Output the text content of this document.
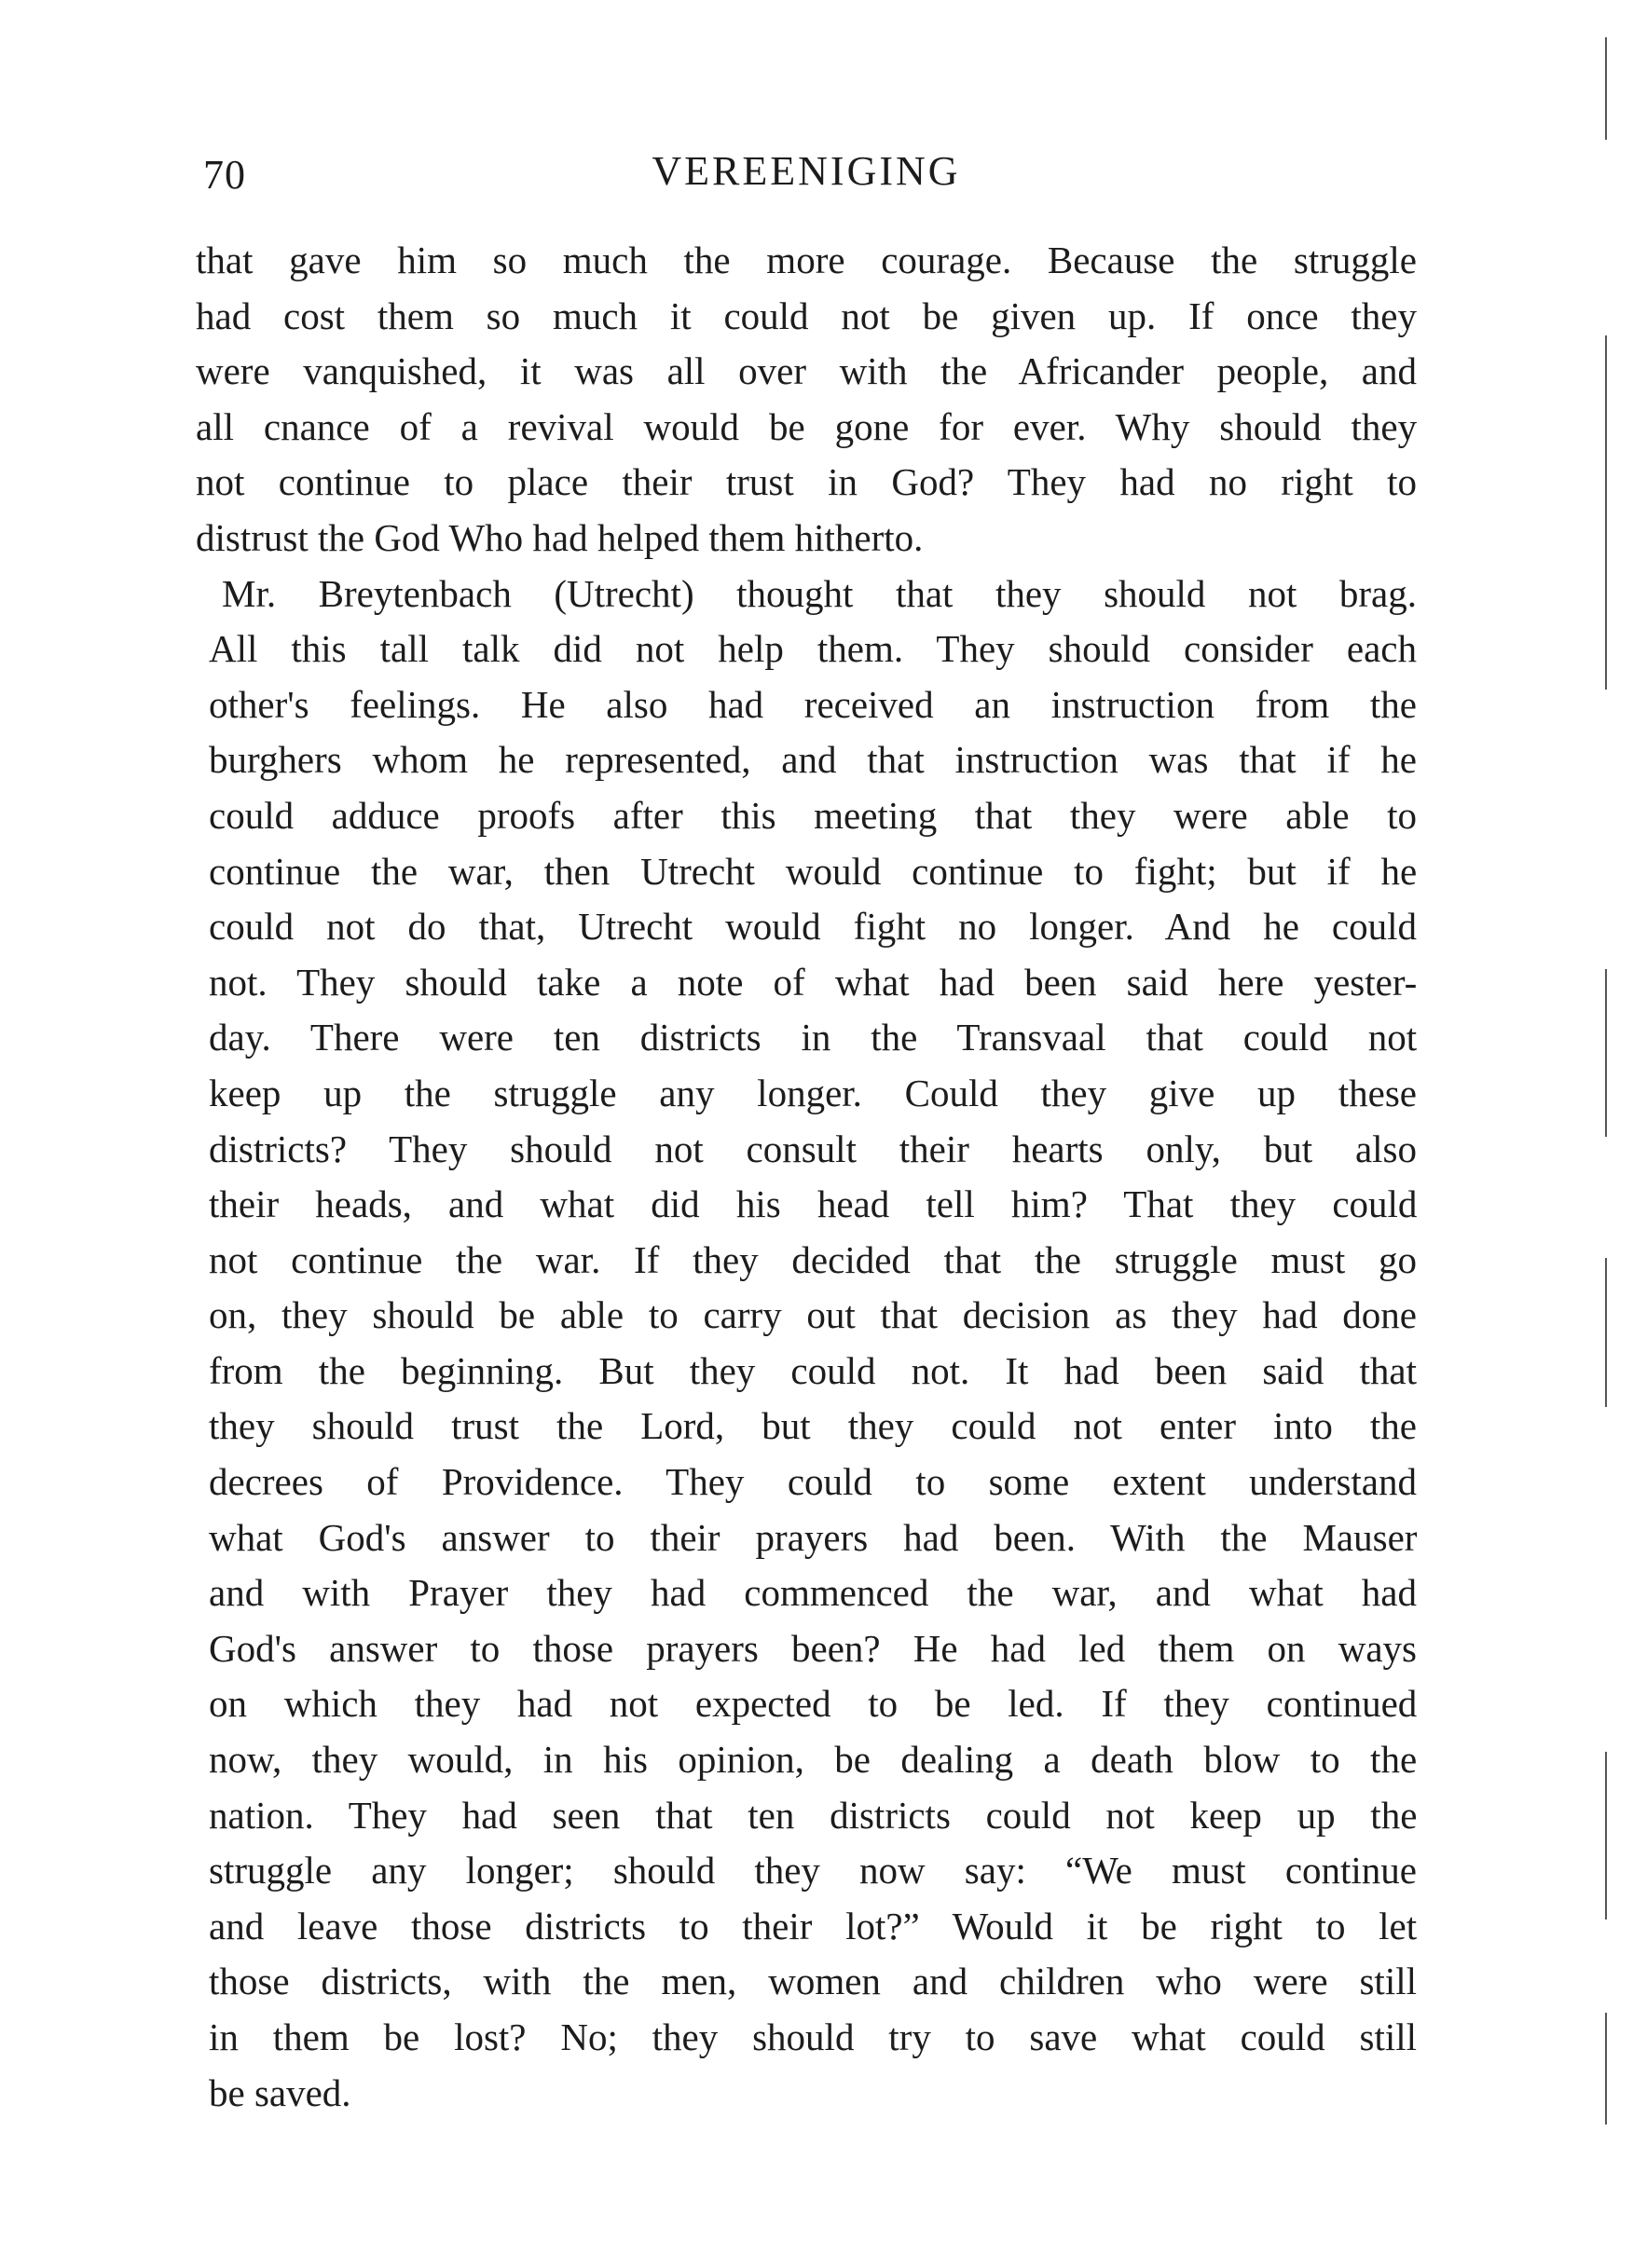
70	VEREENIGING
that gave him so much the more courage. Because the struggle
had cost them so much it could not be given up. If once they
were vanquished, it was all over with the Africander people, and
all cnance of a revival would be gone for ever. Why should they
not continue to place their trust in God? They had no right to
distrust the God Who had helped them hitherto.
Mr. Breytenbach (Utrecht) thought that they should not brag.
All this tall talk did not help them. They should consider each
other's feelings. He also had received an instruction from the
burghers whom he represented, and that instruction was that if he
could adduce proofs after this meeting that they were able to
continue the war, then Utrecht would continue to fight; but if he
could not do that, Utrecht would fight no longer. And he could
not. They should take a note of what had been said here yester-
day. There were ten districts in the Transvaal that could not
keep up the struggle any longer. Could they give up these
districts? They should not consult their hearts only, but also
their heads, and what did his head tell him? That they could
not continue the war. If they decided that the struggle must go
on, they should be able to carry out that decision as they had done
from the beginning. But they could not. It had been said that
they should trust the Lord, but they could not enter into the
decrees of Providence. They could to some extent understand
what God's answer to their prayers had been. With the Mauser
and with Prayer they had commenced the war, and what had
God's answer to those prayers been? He had led them on ways
on which they had not expected to be led. If they continued
now, they would, in his opinion, be dealing a death blow to the
nation. They had seen that ten districts could not keep up the
struggle any longer; should they now say: “We must continue
and leave those districts to their lot?” Would it be right to let
those districts, with the men, women and children who were still
in them be lost? No; they should try to save what could still
be saved.
